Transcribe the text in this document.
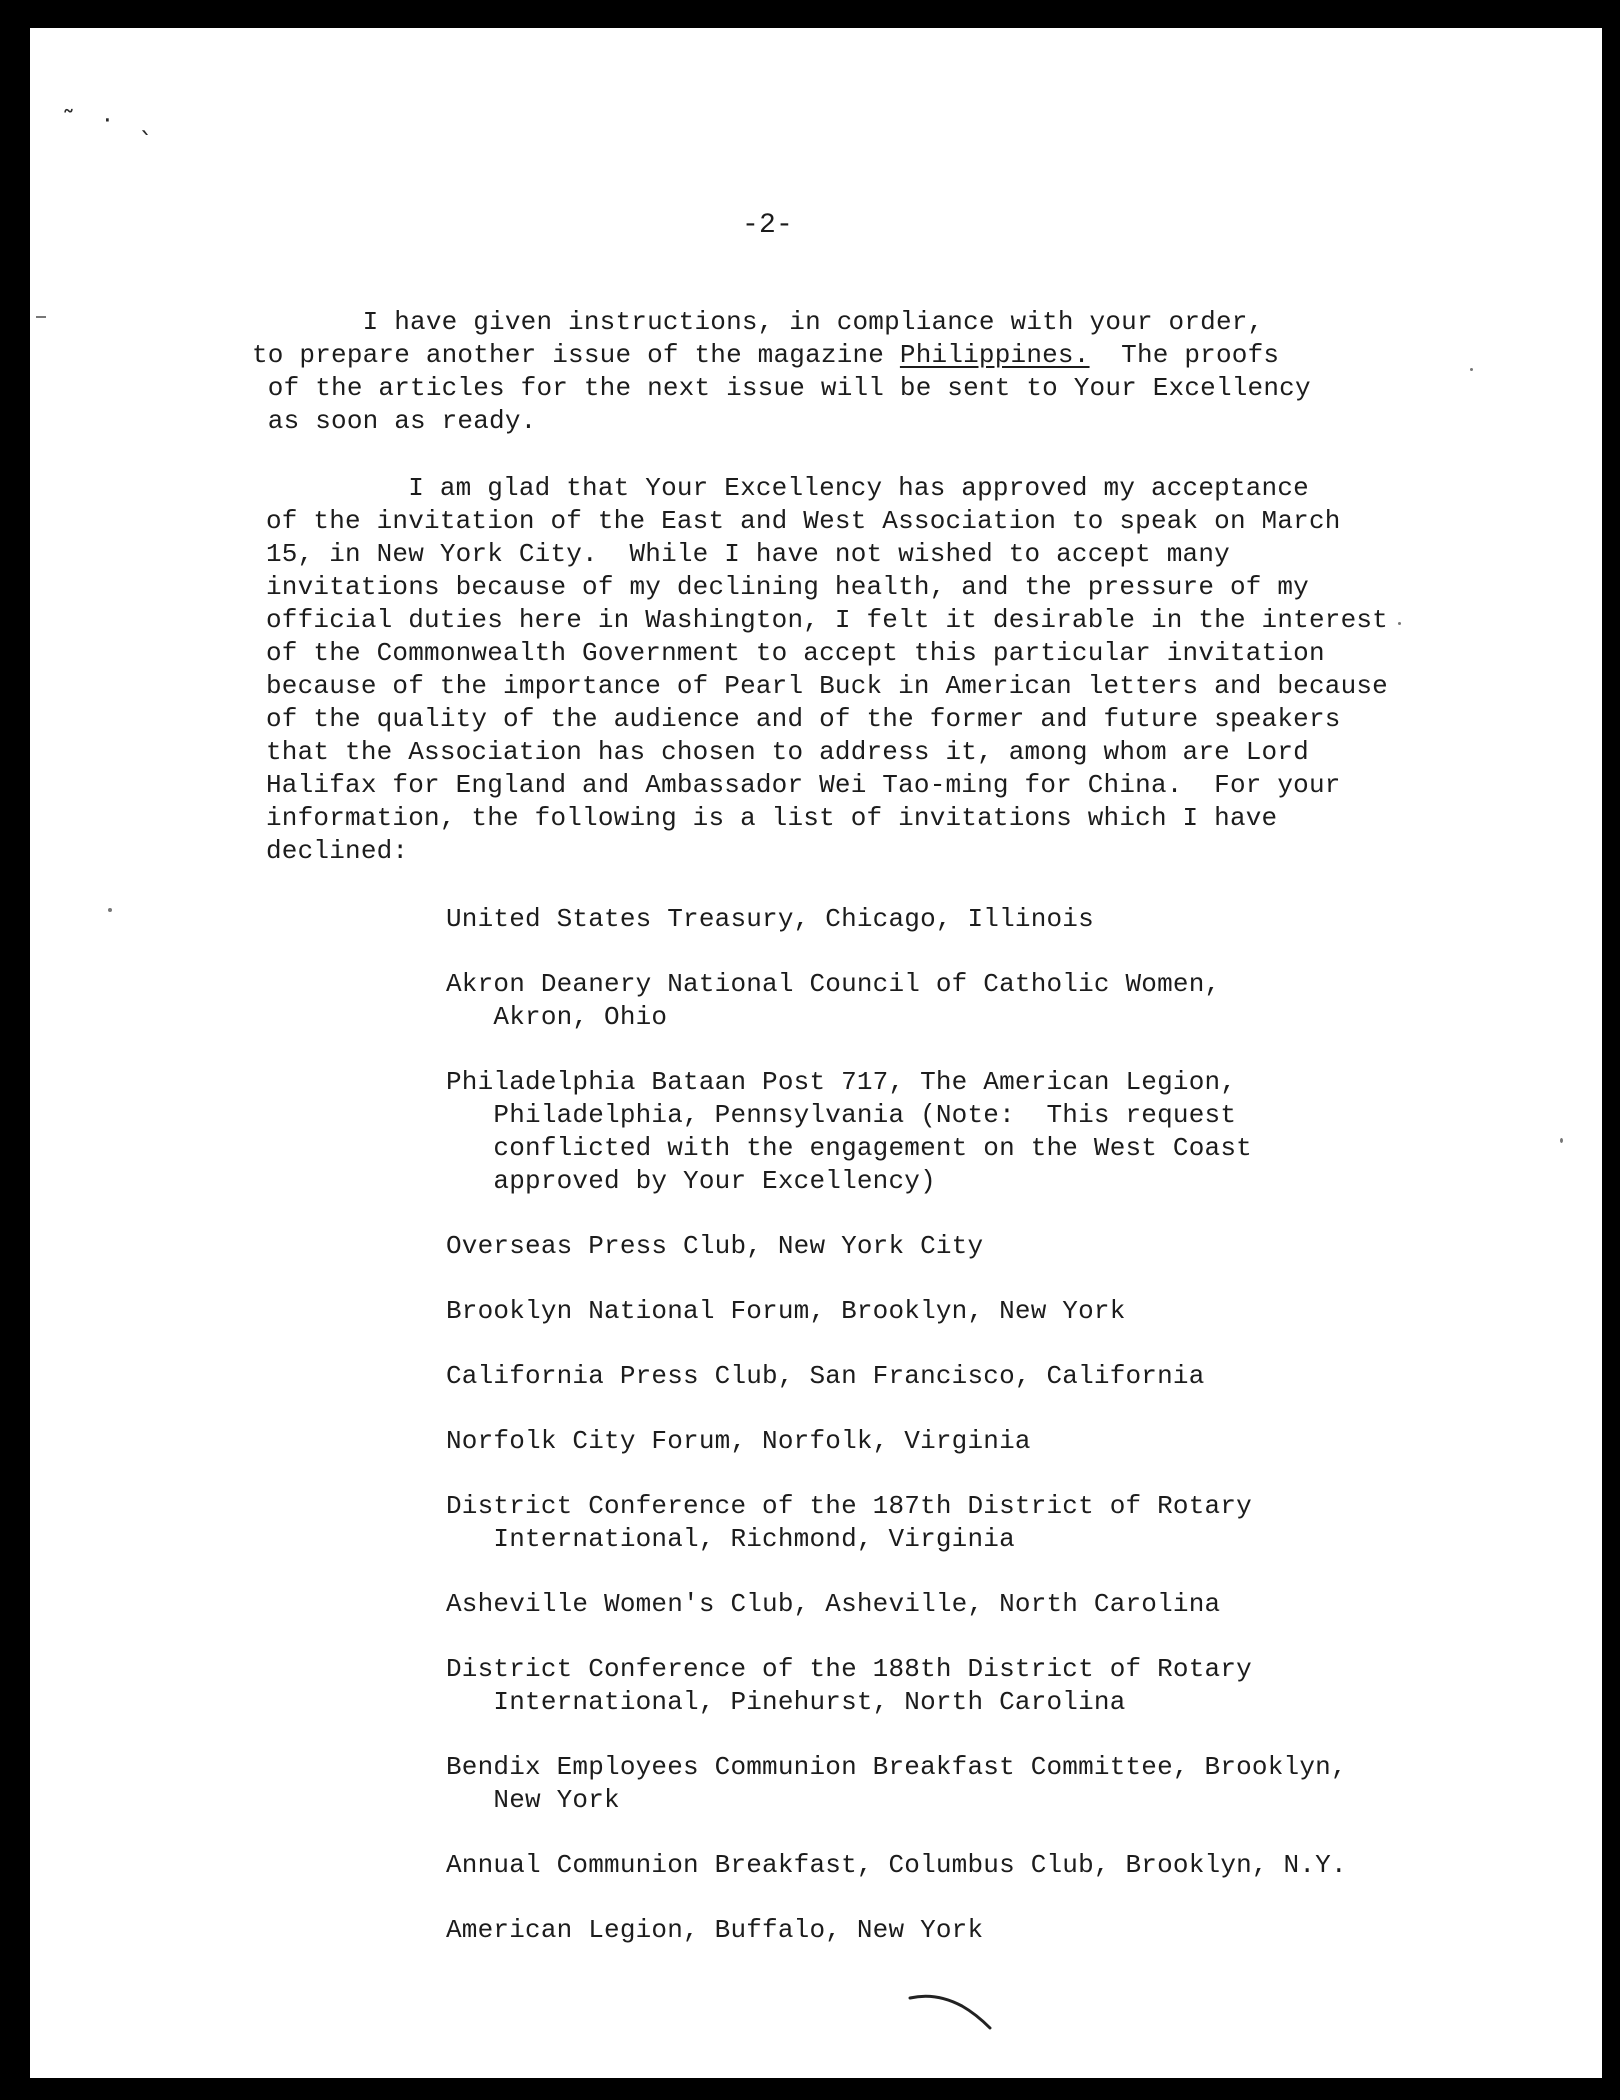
˜ · ˎ

-2-

I have given instructions, in compliance with your order,
to prepare another issue of the magazine Philippines.  The proofs
of the articles for the next issue will be sent to Your Excellency
as soon as ready.
I am glad that Your Excellency has approved my acceptance
of the invitation of the East and West Association to speak on March
15, in New York City.  While I have not wished to accept many
invitations because of my declining health, and the pressure of my
official duties here in Washington, I felt it desirable in the interest
of the Commonwealth Government to accept this particular invitation
because of the importance of Pearl Buck in American letters and because
of the quality of the audience and of the former and future speakers
that the Association has chosen to address it, among whom are Lord
Halifax for England and Ambassador Wei Tao-ming for China.  For your
information, the following is a list of invitations which I have
declined:
United States Treasury, Chicago, Illinois
Akron Deanery National Council of Catholic Women,
Akron, Ohio
Philadelphia Bataan Post 717, The American Legion,
Philadelphia, Pennsylvania (Note:  This request
conflicted with the engagement on the West Coast
approved by Your Excellency)
Overseas Press Club, New York City
Brooklyn National Forum, Brooklyn, New York
California Press Club, San Francisco, California
Norfolk City Forum, Norfolk, Virginia
District Conference of the 187th District of Rotary
International, Richmond, Virginia
Asheville Women's Club, Asheville, North Carolina
District Conference of the 188th District of Rotary
International, Pinehurst, North Carolina
Bendix Employees Communion Breakfast Committee, Brooklyn,
New York
Annual Communion Breakfast, Columbus Club, Brooklyn, N.Y.
American Legion, Buffalo, New York
